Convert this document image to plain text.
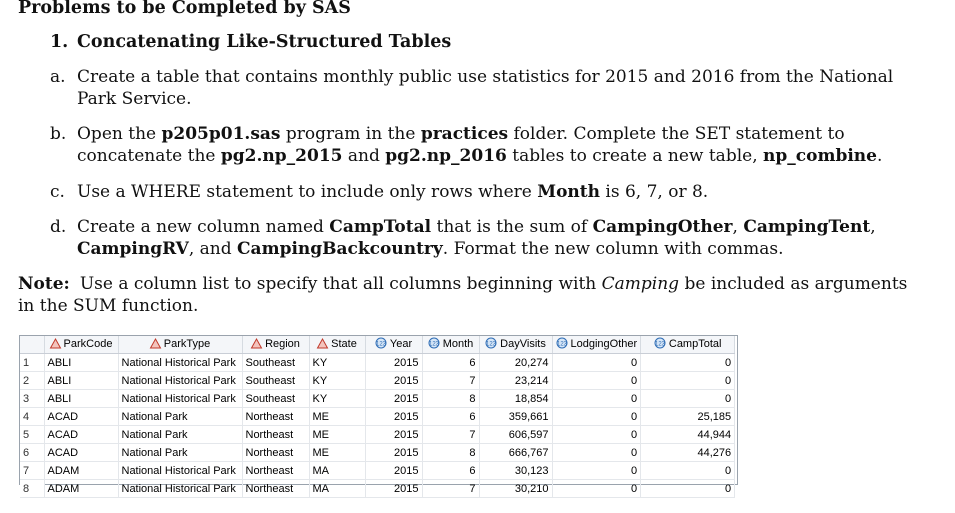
Problems to be Completed by SAS
1. Concatenating Like-Structured Tables
a. Create a table that contains monthly public use statistics for 2015 and 2016 from the National Park Service.
b. Open the p205p01.sas program in the practices folder. Complete the SET statement to concatenate the pg2.np_2015 and pg2.np_2016 tables to create a new table, np_combine.
c. Use a WHERE statement to include only rows where Month is 6, 7, or 8.
d. Create a new column named CampTotal that is the sum of CampingOther, CampingTent, CampingRV, and CampingBackcountry. Format the new column with commas.
Note: Use a column list to specify that all columns beginning with Camping be included as arguments in the SUM function.
	ParkCode	ParkType	Region	State	123 Year	123 Month	123 DayVisits	123 LodgingOther	123 CampTotal
1	ABLI	National Historical Park	Southeast	KY	2015	6	20,274	0	0
2	ABLI	National Historical Park	Southeast	KY	2015	7	23,214	0	0
3	ABLI	National Historical Park	Southeast	KY	2015	8	18,854	0	0
4	ACAD	National Park	Northeast	ME	2015	6	359,661	0	25,185
5	ACAD	National Park	Northeast	ME	2015	7	606,597	0	44,944
6	ACAD	National Park	Northeast	ME	2015	8	666,767	0	44,276
7	ADAM	National Historical Park	Northeast	MA	2015	6	30,123	0	0
8	ADAM	National Historical Park	Northeast	MA	2015	7	30,210	0	0
